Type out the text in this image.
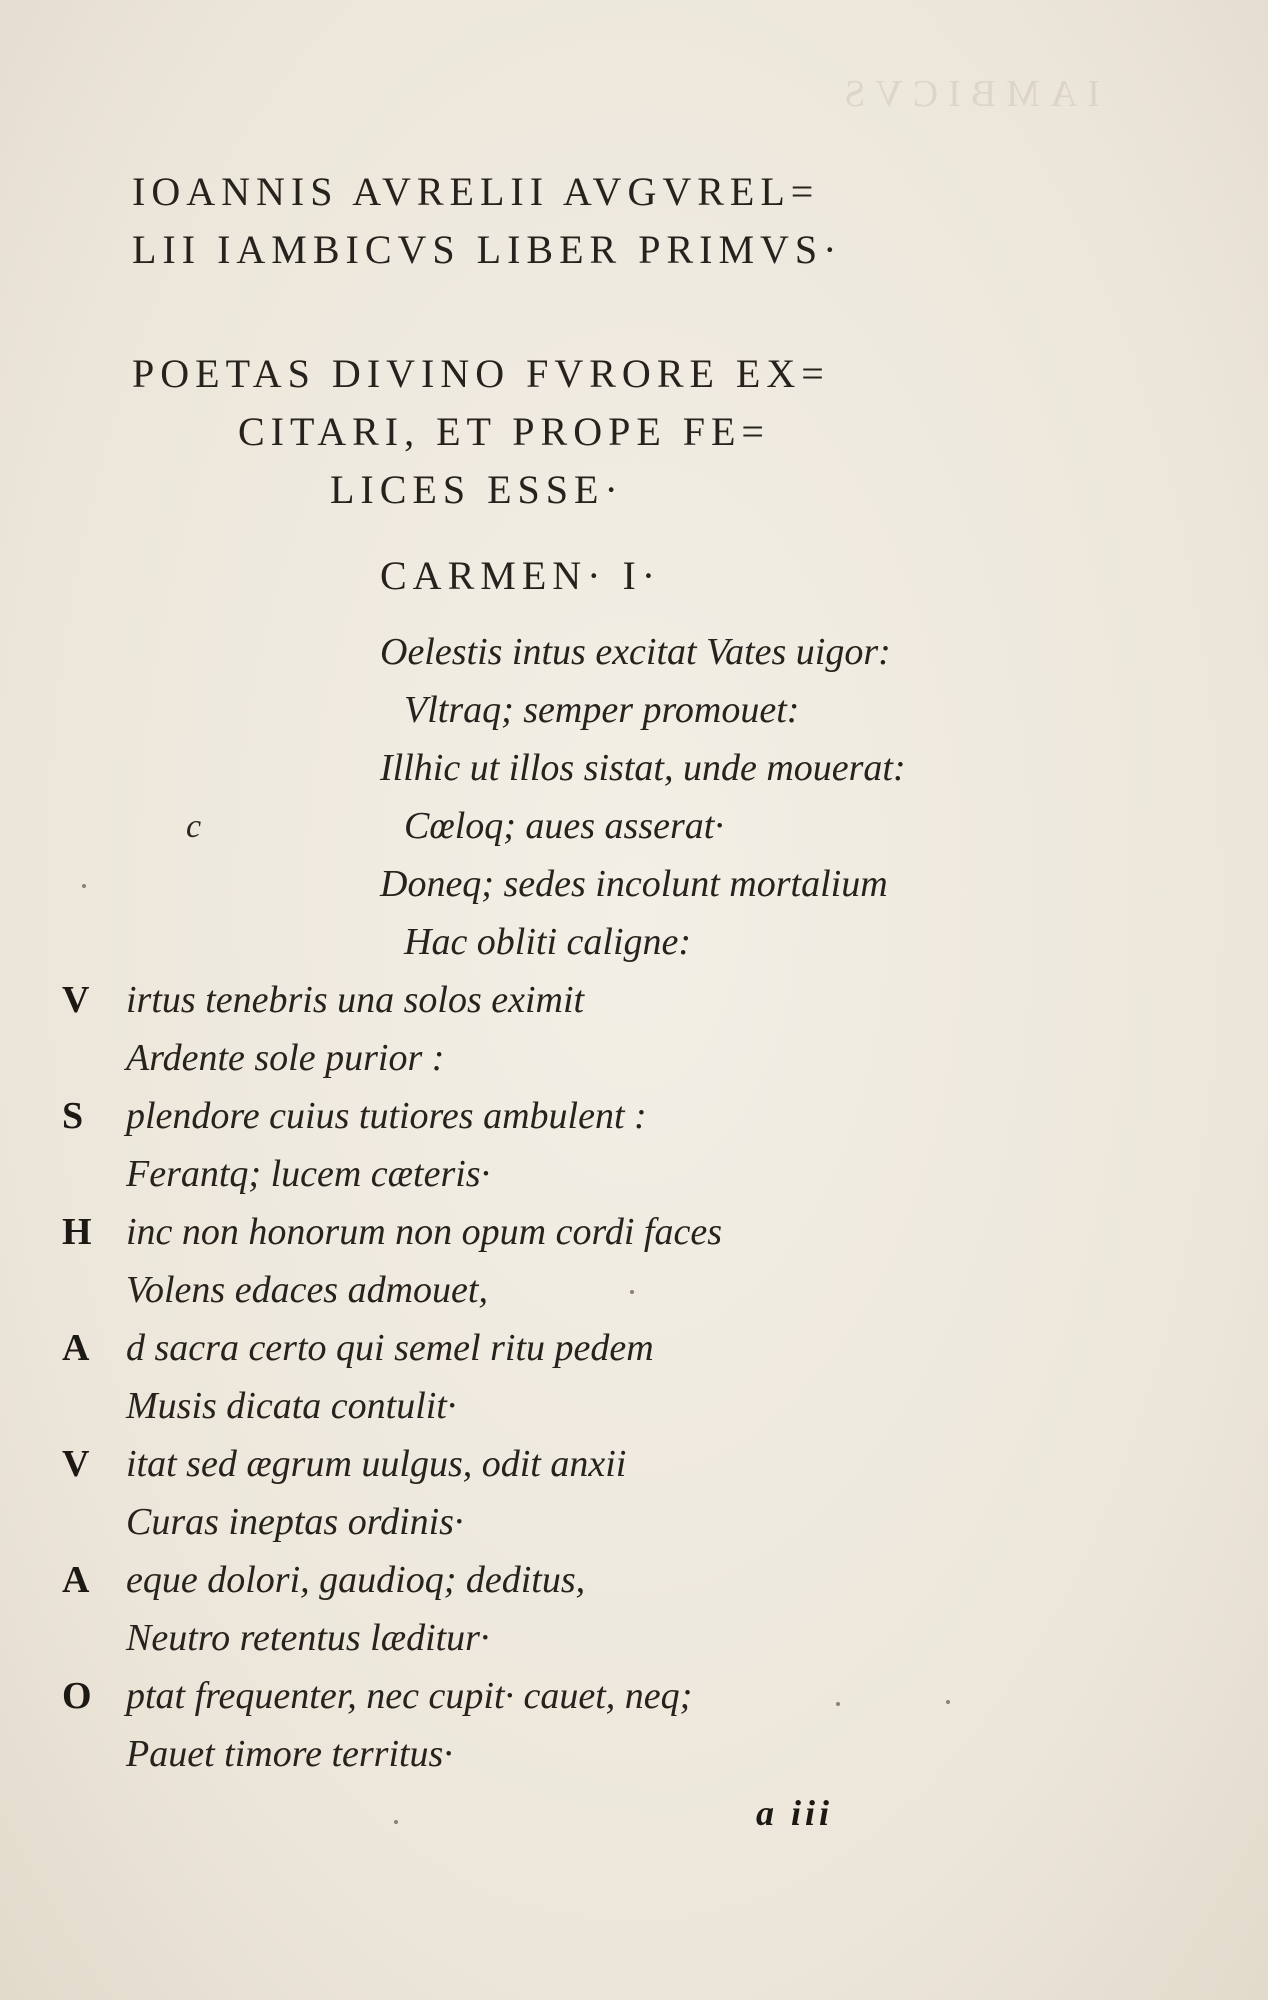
IAMBICVS
IOANNIS AVRELII AVGVREL=
LII IAMBICVS LIBER PRIMVS·
POETAS DIVINO FVRORE EX=
CITARI, ET PROPE FE=
LICES ESSE·
CARMEN· I·
Oelestis intus excitat Vates uigor:
Vltraq; semper promouet:
Illhic ut illos sistat, unde mouerat:
c	Cœloq; aues asserat·
Doneq; sedes incolunt mortalium
Hac obliti caligne:
V irtus tenebris una solos eximit
Ardente sole purior :
S plendore cuius tutiores ambulent :
Ferantq; lucem cæteris·
H inc non honorum non opum cordi faces
Volens edaces admouet,
A d sacra certo qui semel ritu pedem
Musis dicata contulit·
V itat sed ægrum uulgus, odit anxii
Curas ineptas ordinis·
A eque dolori, gaudioq; deditus,
Neutro retentus læditur·
O ptat frequenter, nec cupit· cauet, neq;
Pauet timore territus·
a iii
